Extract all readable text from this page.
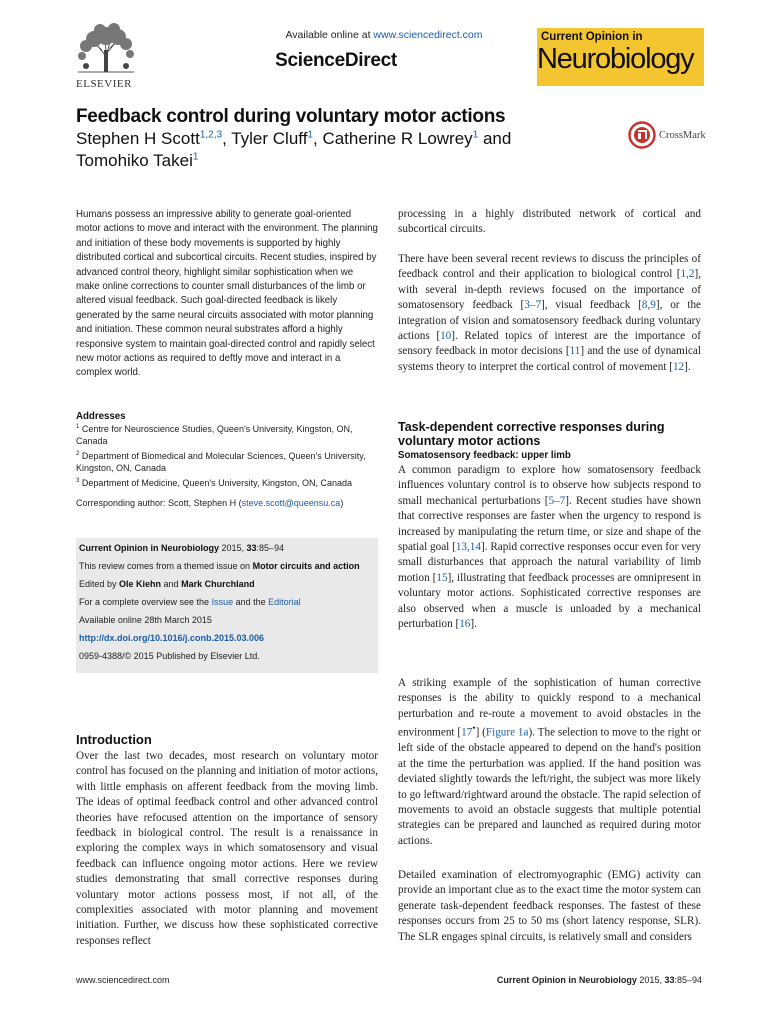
ELSEVIER
Available online at www.sciencedirect.com
ScienceDirect
Current Opinion in
Neurobiology
Feedback control during voluntary motor actions
Stephen H Scott$^{1,2,3}$, Tyler Cluff$^1$, Catherine R Lowrey$^1$ and
Tomohiko Takei$^1$
CrossMark
Humans possess an impressive ability to generate goal-oriented motor actions to move and interact with the environment. The planning and initiation of these body movements is supported by highly distributed cortical and subcortical circuits. Recent studies, inspired by advanced control theory, highlight similar sophistication when we make online corrections to counter small disturbances of the limb or altered visual feedback. Such goal-directed feedback is likely generated by the same neural circuits associated with motor planning and initiation. These common neural substrates afford a highly responsive system to maintain goal-directed control and rapidly select new motor actions as required to deftly move and interact in a complex world.
Addresses

$^1$ Centre for Neuroscience Studies, Queen's University, Kingston, ON, Canada

$^2$ Department of Biomedical and Molecular Sciences, Queen's University, Kingston, ON, Canada

$^3$ Department of Medicine, Queen's University, Kingston, ON, Canada

Corresponding author: Scott, Stephen H (steve.scott@queensu.ca)

Current Opinion in Neurobiology 2015, 33:85–94

This review comes from a themed issue on Motor circuits and action

Edited by Ole Kiehn and Mark Churchland

For a complete overview see the Issue and the Editorial

Available online 28th March 2015

http://dx.doi.org/10.1016/j.conb.2015.03.006

0959-4388/© 2015 Published by Elsevier Ltd.

Introduction
Over the last two decades, most research on voluntary motor control has focused on the planning and initiation of motor actions, with little emphasis on afferent feedback from the moving limb. The ideas of optimal feedback control and other advanced control theories have refocused attention on the importance of sensory feedback in biological control. The result is a renaissance in exploring the complex ways in which somatosensory and visual feedback can influence ongoing motor actions. Here we review studies demonstrating that small corrective responses during voluntary motor actions possess most, if not all, of the complexities associated with motor planning and movement initiation. Further, we discuss how these sophisticated corrective responses reflect
processing in a highly distributed network of cortical and subcortical circuits.
There have been several recent reviews to discuss the principles of feedback control and their application to biological control [1,2], with several in-depth reviews focused on the importance of somatosensory feedback [3–7], visual feedback [8,9], or the integration of vision and somatosensory feedback during voluntary actions [10]. Related topics of interest are the importance of sensory feedback in motor decisions [11] and the use of dynamical systems theory to interpret the cortical control of movement [12].
Task-dependent corrective responses during voluntary motor actions
Somatosensory feedback: upper limb
A common paradigm to explore how somatosensory feedback influences voluntary control is to observe how subjects respond to small mechanical perturbations [5–7]. Recent studies have shown that corrective responses are faster when the urgency to respond is increased by manipulating the return time, or size and shape of the spatial goal [13,14]. Rapid corrective responses occur even for very small disturbances that approach the natural variability of limb motion [15], illustrating that feedback processes are omnipresent in voluntary motor actions. Sophisticated corrective responses are also observed when a muscle is unloaded by a mechanical perturbation [16].
A striking example of the sophistication of human corrective responses is the ability to quickly respond to a mechanical perturbation and re-route a movement to avoid obstacles in the environment [17•] (Figure 1a). The selection to move to the right or left side of the obstacle appeared to depend on the hand's position at the time the perturbation was applied. If the hand position was deviated slightly towards the left/right, the subject was more likely to go leftward/rightward around the obstacle. The rapid selection of movements to avoid an obstacle suggests that multiple potential strategies can be prepared and launched as required during motor actions.
Detailed examination of electromyographic (EMG) activity can provide an important clue as to the exact time the motor system can generate task-dependent feedback responses. The fastest of these responses occurs from 25 to 50 ms (short latency response, SLR). The SLR engages spinal circuits, is relatively small and considers
www.sciencedirect.com	Current Opinion in Neurobiology 2015, 33:85–94
